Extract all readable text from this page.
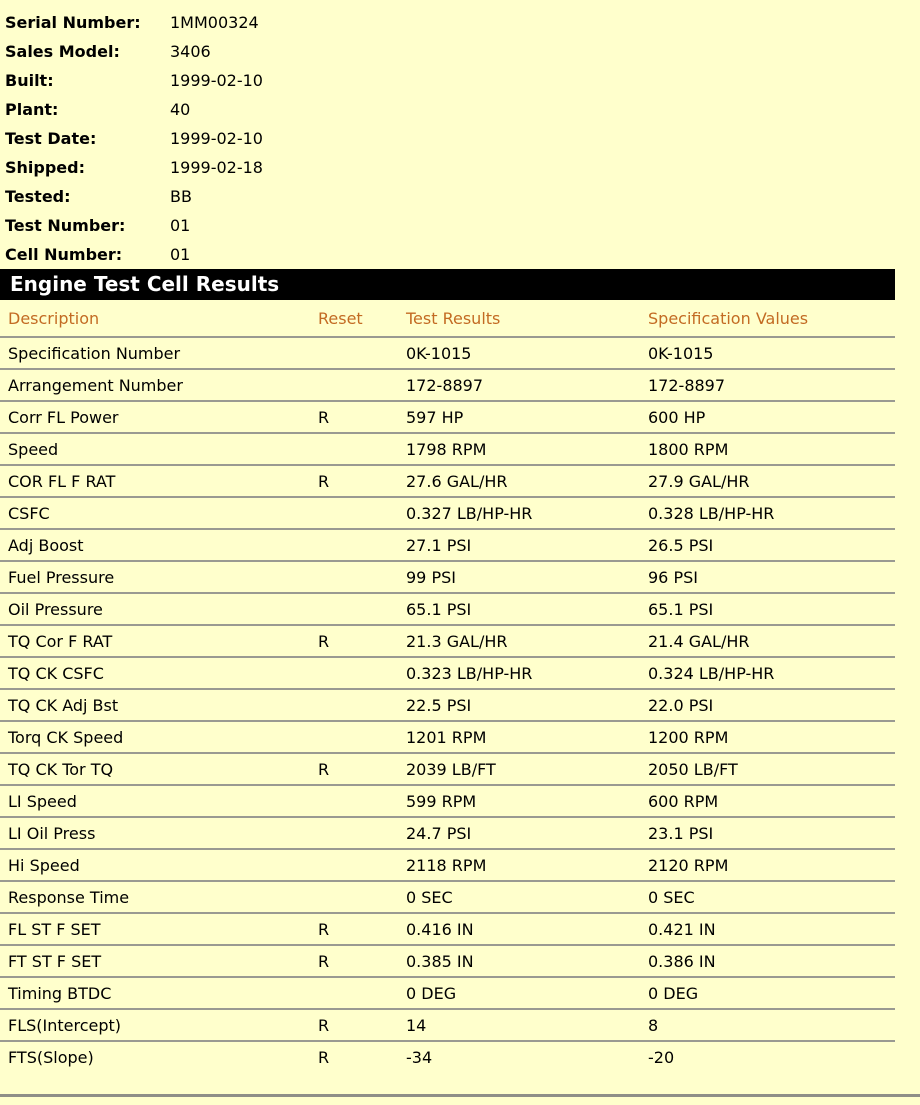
Serial Number: 1MM00324
Sales Model:	3406
Built:	1999-02-10
Plant:	40
Test Date:	1999-02-10
Shipped:	1999-02-18
Tested:	BB
Test Number:	01
Cell Number:	01
Engine Test Cell Results
Description	Reset	Test Results	Specification Values
Specification Number		0K-1015	0K-1015
Arrangement Number		172-8897	172-8897
Corr FL Power	R	597 HP	600 HP
Speed		1798 RPM	1800 RPM
COR FL F RAT	R	27.6 GAL/HR	27.9 GAL/HR
CSFC		0.327 LB/HP-HR	0.328 LB/HP-HR
Adj Boost		27.1 PSI	26.5 PSI
Fuel Pressure		99 PSI	96 PSI
Oil Pressure		65.1 PSI	65.1 PSI
TQ Cor F RAT	R	21.3 GAL/HR	21.4 GAL/HR
TQ CK CSFC		0.323 LB/HP-HR	0.324 LB/HP-HR
TQ CK Adj Bst		22.5 PSI	22.0 PSI
Torq CK Speed		1201 RPM	1200 RPM
TQ CK Tor TQ	R	2039 LB/FT	2050 LB/FT
LI Speed		599 RPM	600 RPM
LI Oil Press		24.7 PSI	23.1 PSI
Hi Speed		2118 RPM	2120 RPM
Response Time		0 SEC	0 SEC
FL ST F SET	R	0.416 IN	0.421 IN
FT ST F SET	R	0.385 IN	0.386 IN
Timing BTDC		0 DEG	0 DEG
FLS(Intercept)	R	14	8
FTS(Slope)	R	-34	-20
